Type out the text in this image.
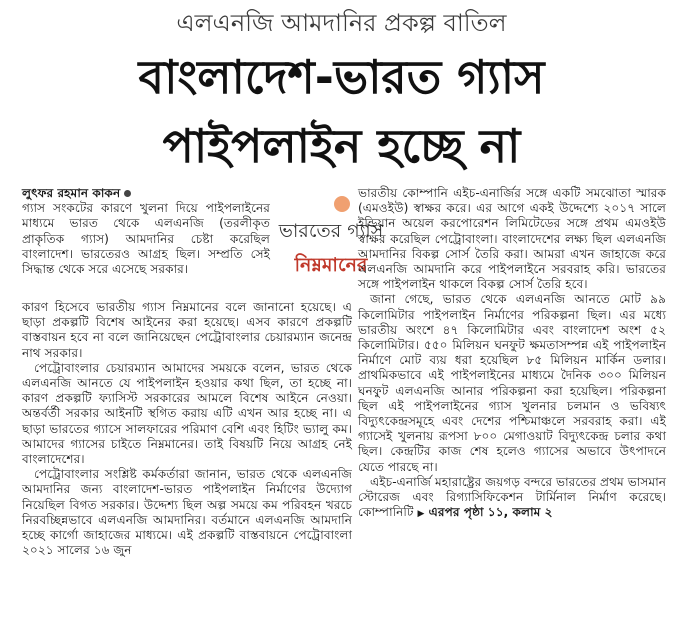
এলএনজি আমদানির প্রকল্প বাতিল
বাংলাদেশ-ভারত গ্যাস
পাইপলাইন হচ্ছে না

লুৎফর রহমান কাকন

গ্যাস সংকটের কারণে খুলনা দিয়ে পাইপলাইনের মাধ্যমে ভারত থেকে এলএনজি (তরলীকৃত প্রাকৃতিক গ্যাস) আমদানির চেষ্টা করেছিল বাংলাদেশ। ভারতেরও আগ্রহ ছিল। সম্প্রতি সেই সিদ্ধান্ত থেকে সরে এসেছে সরকার।

ভারতের গ্যাস
নিম্নমানের

কারণ হিসেবে ভারতীয় গ্যাস নিম্নমানের বলে জানানো হয়েছে। এ ছাড়া প্রকল্পটি বিশেষ আইনের করা হয়েছে। এসব কারণে প্রকল্পটি বাস্তবায়ন হবে না বলে জানিয়েছেন পেট্রোবাংলার চেয়ারম্যান জনেন্দ্র নাথ সরকার।

পেট্রোবাংলার চেয়ারম্যান আমাদের সময়কে বলেন, ভারত থেকে এলএনজি আনতে যে পাইপলাইন হওয়ার কথা ছিল, তা হচ্ছে না। কারণ প্রকল্পটি ফ্যাসিস্ট সরকারের আমলে বিশেষ আইনে নেওয়া। অন্তর্বর্তী সরকার আইনটি স্থগিত করায় এটি এখন আর হচ্ছে না। এ ছাড়া ভারতের গ্যাসে সালফারের পরিমাণ বেশি এবং হিটিং ভ্যালু কম। আমাদের গ্যাসের চাইতে নিম্নমানের। তাই বিষয়টি নিয়ে আগ্রহ নেই বাংলাদেশের।

পেট্রোবাংলার সংশ্লিষ্ট কর্মকর্তারা জানান, ভারত থেকে এলএনজি আমদানির জন্য বাংলাদেশ-ভারত পাইপলাইন নির্মাণের উদ্যোগ নিয়েছিল বিগত সরকার। উদ্দেশ্য ছিল অল্প সময়ে কম পরিবহন খরচে নিরবচ্ছিন্নভাবে এলএনজি আমদানির। বর্তমানে এলএনজি আমদানি হচ্ছে কার্গো জাহাজের মাধ্যমে। এই প্রকল্পটি বাস্তবায়নে পেট্রোবাংলা ২০২১ সালের ১৬ জুন

ভারতীয় কোম্পানি এইচ-এনার্জির সঙ্গে একটি সমঝোতা স্মারক (এমওইউ) স্বাক্ষর করে। এর আগে একই উদ্দেশ্যে ২০১৭ সালে ইন্ডিয়ান অয়েল করপোরেশন লিমিটেডের সঙ্গে প্রথম এমওইউ স্বাক্ষর করেছিল পেট্রোবাংলা। বাংলাদেশের লক্ষ্য ছিল এলএনজি আমদানির বিকল্প সোর্স তৈরি করা। আমরা এখন জাহাজে করে এলএনজি আমদানি করে পাইপলাইনে সরবরাহ করি। ভারতের সঙ্গে পাইপলাইন থাকলে বিকল্প সোর্স তৈরি হবে।

জানা গেছে, ভারত থেকে এলএনজি আনতে মোট ৯৯ কিলোমিটার পাইপলাইন নির্মাণের পরিকল্পনা ছিল। এর মধ্যে ভারতীয় অংশে ৪৭ কিলোমিটার এবং বাংলাদেশ অংশ ৫২ কিলোমিটার। ৫৫০ মিলিয়ন ঘনফুট ক্ষমতাসম্পন্ন এই পাইপলাইন নির্মাণে মোট ব্যয় ধরা হয়েছিল ৮৫ মিলিয়ন মার্কিন ডলার। প্রাথমিকভাবে এই পাইপলাইনের মাধ্যমে দৈনিক ৩০০ মিলিয়ন ঘনফুট এলএনজি আনার পরিকল্পনা করা হয়েছিল। পরিকল্পনা ছিল এই পাইপলাইনের গ্যাস খুলনার চলমান ও ভবিষ্যৎ বিদ্যুৎকেন্দ্রসমূহে এবং দেশের পশ্চিমাঞ্চলে সরবরাহ করা। এই গ্যাসেই খুলনায় রূপসা ৮০০ মেগাওয়াট বিদ্যুৎকেন্দ্র চলার কথা ছিল। কেন্দ্রটির কাজ শেষ হলেও গ্যাসের অভাবে উৎপাদনে যেতে পারছে না।

এইচ-এনার্জি মহারাষ্ট্রের জয়গড় বন্দরে ভারতের প্রথম ভাসমান স্টোরেজ এবং রিগ্যাসিফিকেশন টার্মিনাল নির্মাণ করেছে। কোম্পানিটি ▶ এরপর পৃষ্ঠা ১১, কলাম ২
